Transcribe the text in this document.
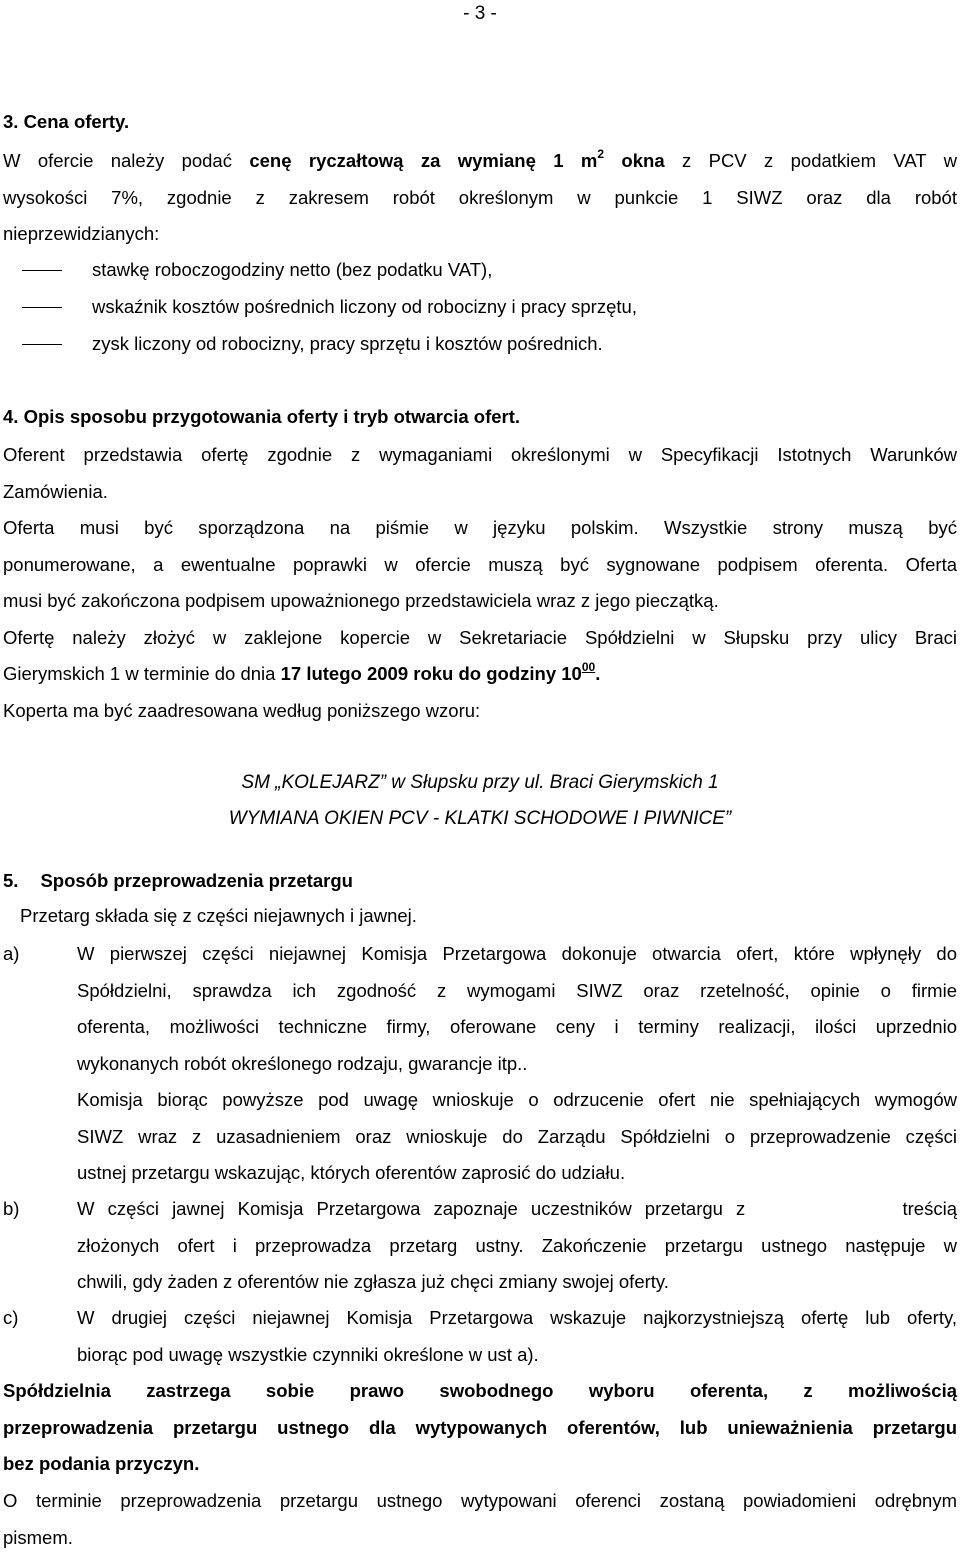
- 3 -
3. Cena oferty.

W ofercie należy podać cenę ryczałtową za wymianę 1 $m^2$ okna z PCV z podatkiem VAT w

wysokości 7%, zgodnie z zakresem robót określonym w punkcie 1 SIWZ oraz dla robót

nieprzewidzianych:

stawkę roboczogodziny netto (bez podatku VAT),
wskaźnik kosztów pośrednich liczony od robocizny i pracy sprzętu,
zysk liczony od robocizny, pracy sprzętu i kosztów pośrednich.
4. Opis sposobu przygotowania oferty i tryb otwarcia ofert.

Oferent przedstawia ofertę zgodnie z wymaganiami określonymi w Specyfikacji Istotnych Warunków

Zamówienia.

Oferta musi być sporządzona na piśmie w języku polskim. Wszystkie strony muszą być

ponumerowane, a ewentualne poprawki w ofercie muszą być sygnowane podpisem oferenta. Oferta

musi być zakończona podpisem upoważnionego przedstawiciela wraz z jego pieczątką.

Ofertę należy złożyć w zaklejone kopercie w Sekretariacie Spółdzielni w Słupsku przy ulicy Braci

Gierymskich 1 w terminie do dnia 17 lutego 2009 roku do godziny $10^{00}$.

Koperta ma być zaadresowana według poniższego wzoru:

SM „KOLEJARZ” w Słupsku przy ul. Braci Gierymskich 1
WYMIANA OKIEN PCV - KLATKI SCHODOWE I PIWNICE”
5. Sposób przeprowadzenia przetargu
Przetarg składa się z części niejawnych i jawnej.
a)	W pierwszej części niejawnej Komisja Przetargowa dokonuje otwarcia ofert, które wpłynęły do

Spółdzielni, sprawdza ich zgodność z wymogami SIWZ oraz rzetelność, opinie o firmie

oferenta, możliwości techniczne firmy, oferowane ceny i terminy realizacji, ilości uprzednio

wykonanych robót określonego rodzaju, gwarancje itp..

Komisja biorąc powyższe pod uwagę wnioskuje o odrzucenie ofert nie spełniających wymogów

SIWZ wraz z uzasadnieniem oraz wnioskuje do Zarządu Spółdzielni o przeprowadzenie części

ustnej przetargu wskazując, których oferentów zaprosić do udziału.

b)	W części jawnej Komisja Przetargowa zapoznaje uczestników przetargu z            treścią

złożonych ofert i przeprowadza przetarg ustny. Zakończenie przetargu ustnego następuje w

chwili, gdy żaden z oferentów nie zgłasza już chęci zmiany swojej oferty.

c)	W drugiej części niejawnej Komisja Przetargowa wskazuje najkorzystniejszą ofertę lub oferty,

biorąc pod uwagę wszystkie czynniki określone w ust a).

Spółdzielnia zastrzega sobie prawo swobodnego wyboru oferenta, z możliwością

przeprowadzenia przetargu ustnego dla wytypowanych oferentów, lub unieważnienia przetargu

bez podania przyczyn.

O terminie przeprowadzenia przetargu ustnego wytypowani oferenci zostaną powiadomieni odrębnym

pismem.
